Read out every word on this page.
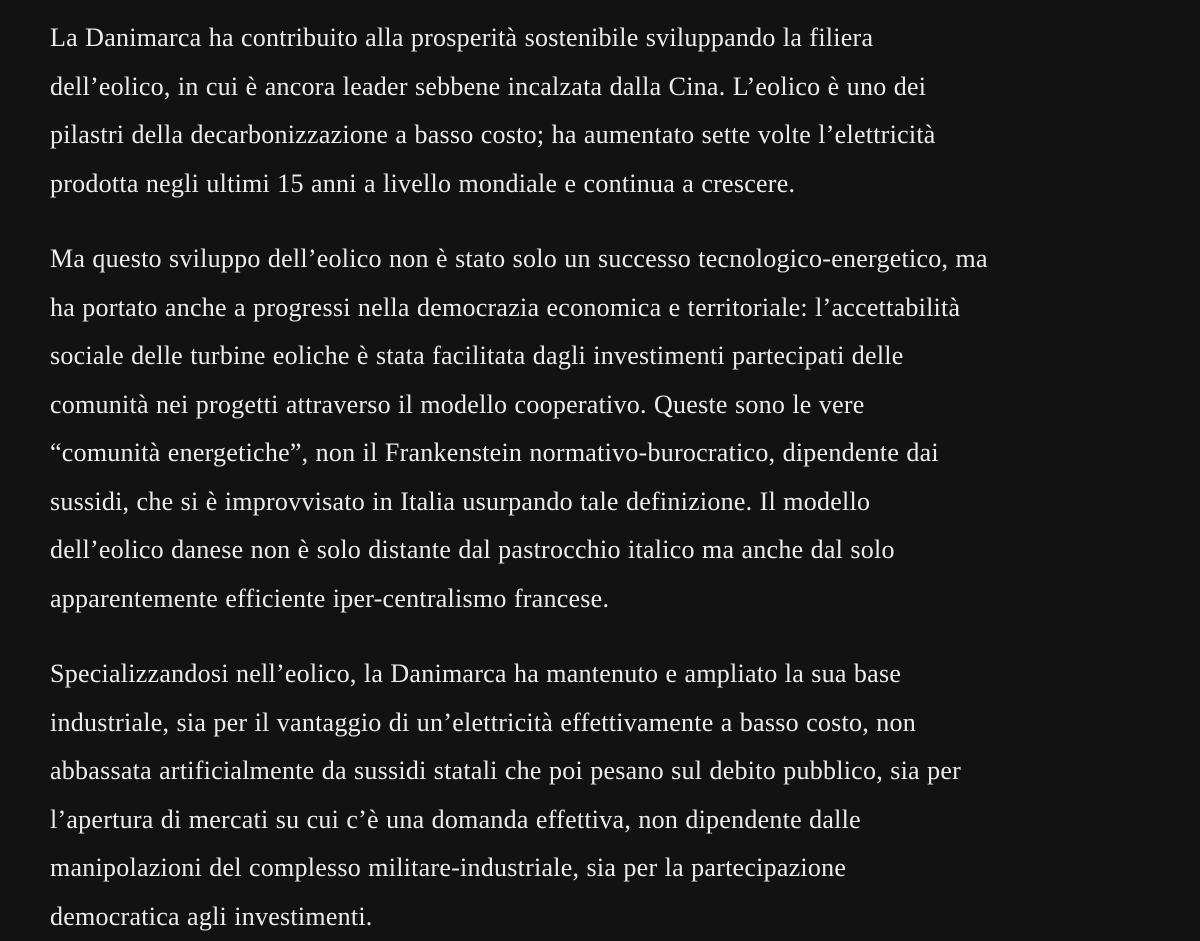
La Danimarca ha contribuito alla prosperità sostenibile sviluppando la filiera
dell’eolico, in cui è ancora leader sebbene incalzata dalla Cina. L’eolico è uno dei
pilastri della decarbonizzazione a basso costo; ha aumentato sette volte l’elettricità
prodotta negli ultimi 15 anni a livello mondiale e continua a crescere.

Ma questo sviluppo dell’eolico non è stato solo un successo tecnologico-energetico, ma
ha portato anche a progressi nella democrazia economica e territoriale: l’accettabilità
sociale delle turbine eoliche è stata facilitata dagli investimenti partecipati delle
comunità nei progetti attraverso il modello cooperativo. Queste sono le vere
“comunità energetiche”, non il Frankenstein normativo-burocratico, dipendente dai
sussidi, che si è improvvisato in Italia usurpando tale definizione. Il modello
dell’eolico danese non è solo distante dal pastrocchio italico ma anche dal solo
apparentemente efficiente iper-centralismo francese.

Specializzandosi nell’eolico, la Danimarca ha mantenuto e ampliato la sua base
industriale, sia per il vantaggio di un’elettricità effettivamente a basso costo, non
abbassata artificialmente da sussidi statali che poi pesano sul debito pubblico, sia per
l’apertura di mercati su cui c’è una domanda effettiva, non dipendente dalle
manipolazioni del complesso militare-industriale, sia per la partecipazione
democratica agli investimenti.
